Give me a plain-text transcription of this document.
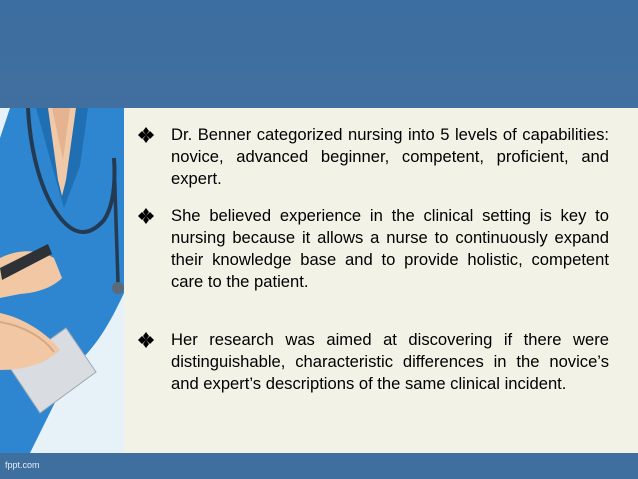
Dr. Benner categorized nursing into 5 levels of capabilities: novice, advanced beginner, competent, proficient, and expert.
She believed experience in the clinical setting is key to nursing because it allows a nurse to continuously expand their knowledge base and to provide holistic, competent care to the patient.
Her research was aimed at discovering if there were distinguishable, characteristic differences in the novice’s and expert’s descriptions of the same clinical incident.
fppt.com
